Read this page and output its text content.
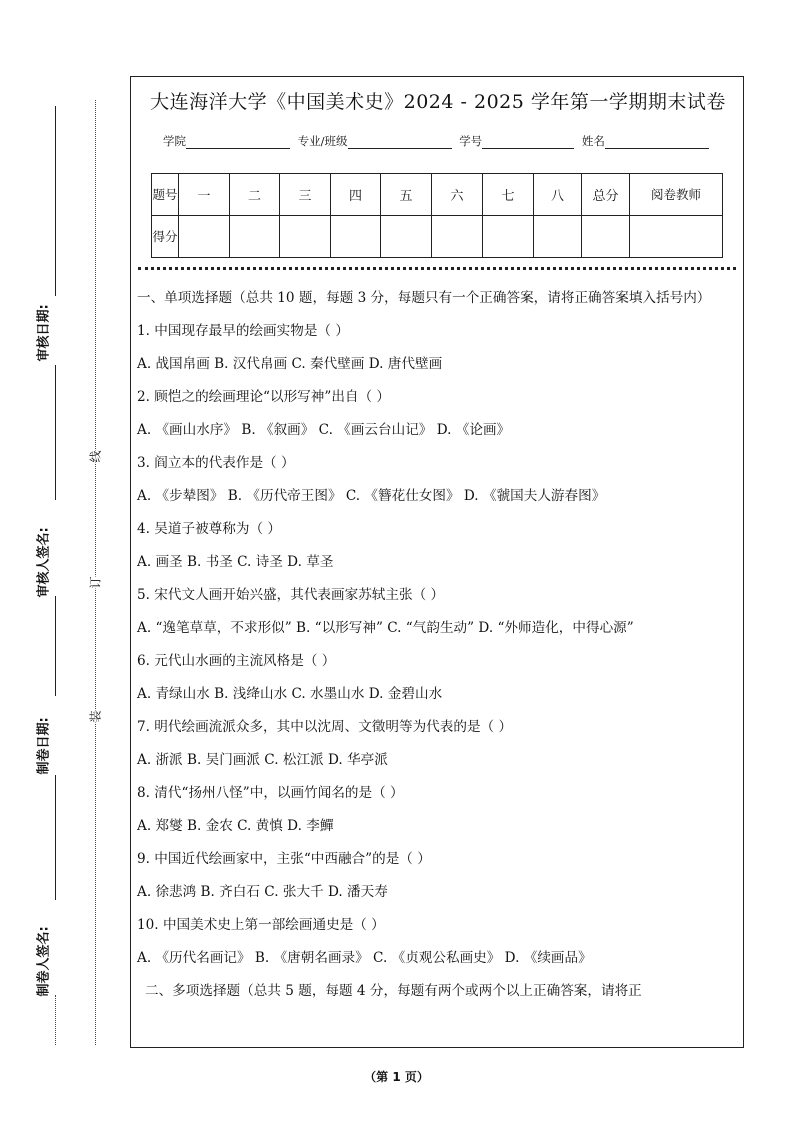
审核日期:
审核人签名:
制卷日期:
制卷人签名:
线
订
装
大连海洋大学《中国美术史》2024 - 2025 学年第一学期期末试卷
学院	专业/班级	学号	姓名
题号	一	二	三	四	五	六	七	八	总分	阅卷教师
得分										
一、单项选择题（总共 10 题，每题 3 分，每题只有一个正确答案，请将正确答案填入括号内）
1. 中国现存最早的绘画实物是（ ）
A. 战国帛画 B. 汉代帛画 C. 秦代壁画 D. 唐代壁画
2. 顾恺之的绘画理论“以形写神”出自（ ）
A. 《画山水序》 B. 《叙画》 C. 《画云台山记》 D. 《论画》
3. 阎立本的代表作是（ ）
A. 《步辇图》 B. 《历代帝王图》 C. 《簪花仕女图》 D. 《虢国夫人游春图》
4. 吴道子被尊称为（ ）
A. 画圣 B. 书圣 C. 诗圣 D. 草圣
5. 宋代文人画开始兴盛，其代表画家苏轼主张（ ）
A. “逸笔草草，不求形似” B. “以形写神” C. “气韵生动” D. “外师造化，中得心源”
6. 元代山水画的主流风格是（ ）
A. 青绿山水 B. 浅绛山水 C. 水墨山水 D. 金碧山水
7. 明代绘画流派众多，其中以沈周、文徵明等为代表的是（ ）
A. 浙派 B. 吴门画派 C. 松江派 D. 华亭派
8. 清代“扬州八怪”中，以画竹闻名的是（ ）
A. 郑燮 B. 金农 C. 黄慎 D. 李鱓
9. 中国近代绘画家中，主张“中西融合”的是（ ）
A. 徐悲鸿 B. 齐白石 C. 张大千 D. 潘天寿
10. 中国美术史上第一部绘画通史是（ ）
A. 《历代名画记》 B. 《唐朝名画录》 C. 《贞观公私画史》 D. 《续画品》
二、多项选择题（总共 5 题，每题 4 分，每题有两个或两个以上正确答案，请将正
（第 1 页）
